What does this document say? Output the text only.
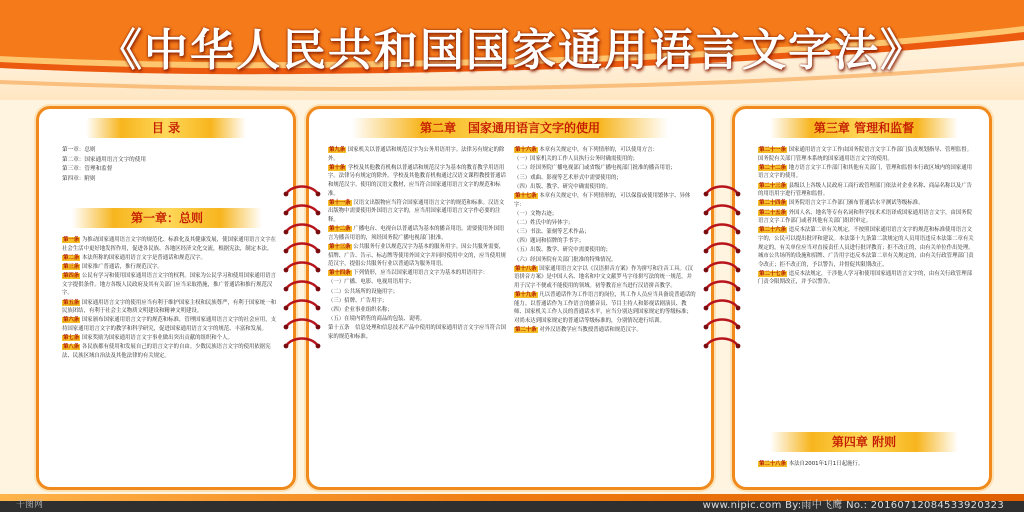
《中华人民共和国国家通用语言文字法》
目 录

第一章：总则

第二章：国家通用语言文字的使用

第三章：管理和监督

第四章：附则

第一章：总则

第一条 为推动国家通用语言文字的规范化、标准化及其健康发展，使国家通用语言文字在社会生活中更好地发挥作用，促进各民族、各地区经济文化交流，根据宪法，制定本法。

第二条 本法所称的国家通用语言文字是普通话和规范汉字。

第三条 国家推广普通话，推行规范汉字。

第四条 公民有学习和使用国家通用语言文字的权利。国家为公民学习和使用国家通用语言文字提供条件。地方各级人民政府及其有关部门应当采取措施，推广普通话和推行规范汉字。

第五条 国家通用语言文字的使用应当有利于维护国家主权和民族尊严，有利于国家统一和民族团结，有利于社会主义物质文明建设和精神文明建设。

第六条 国家颁布国家通用语言文字的规范和标准，管理国家通用语言文字的社会应用，支持国家通用语言文字的教学和科学研究，促进国家通用语言文字的规范、丰富和发展。

第七条 国家奖励为国家通用语言文字事业做出突出贡献的组织和个人。

第八条 各民族都有使用和发展自己的语言文字的自由。少数民族语言文字的使用依据宪法、民族区域自治法及其他法律的有关规定。

第二章　国家通用语言文字的使用

第九条 国家机关以普通话和规范汉字为公务用语用字。法律另有规定的除外。

第十条 学校及其他教育机构以普通话和规范汉字为基本的教育教学用语用字。法律另有规定的除外。学校及其他教育机构通过汉语文课程教授普通话和规范汉字。使用的汉语文教材，应当符合国家通用语言文字的规范和标准。

第十一条 汉语文出版物应当符合国家通用语言文字的规范和标准。汉语文出版物中需要使用外国语言文字的，应当用国家通用语言文字作必要的注释。

第十二条 广播电台、电视台以普通话为基本的播音用语。需要使用外国语言为播音用语的，须经国务院广播电视部门批准。

第十三条 公共服务行业以规范汉字为基本的服务用字。因公共服务需要，招牌、广告、告示、标志牌等使用外国文字并同时使用中文的，应当使用规范汉字。提倡公共服务行业以普通话为服务用语。

第十四条 下列情形，应当以国家通用语言文字为基本的用语用字：

（一）广播、电影、电视用语用字；

（二）公共场所的设施用字；

（三）招牌、广告用字；

（四）企业事业组织名称；

（五）在境内销售的商品的包装、说明。

第十五条　信息处理和信息技术产品中使用的国家通用语言文字应当符合国家的规范和标准。

第十六条 本章有关规定中，有下列情形的，可以使用方言：

（一）国家机关的工作人员执行公务时确需使用的；

（二）经国务院广播电视部门或省级广播电视部门批准的播音用语；

（三）戏曲、影视等艺术形式中需要使用的；

（四）出版、教学、研究中确需使用的。

第十七条 本章有关规定中，有下列情形的，可以保留或使用繁体字、异体字：

（一）文物古迹；

（二）姓氏中的异体字；

（三）书法、篆刻等艺术作品；

（四）题词和招牌的手书字；

（五）出版、教学、研究中需要使用的；

（六）经国务院有关部门批准的特殊情况。

第十八条 国家通用语言文字以《汉语拼音方案》作为拼写和注音工具。《汉语拼音方案》是中国人名、地名和中文文献罗马字母拼写法的统一规范，并用于汉字不便或不能使用的领域。初等教育应当进行汉语拼音教学。

第十九条 凡以普通话作为工作语言的岗位，其工作人员应当具备说普通话的能力。以普通话作为工作语言的播音员、节目主持人和影视话剧演员、教师、国家机关工作人员的普通话水平，应当分别达到国家规定的等级标准；对尚未达到国家规定的普通话等级标准的，分别情况进行培训。

第二十条 对外汉语教学应当教授普通话和规范汉字。

第三章 管理和监督

第二十一条 国家通用语言文字工作由国务院语言文字工作部门负责规划指导、管理监督。国务院有关部门管理本系统的国家通用语言文字的使用。

第二十二条 地方语言文字工作部门和其他有关部门，管理和监督本行政区域内的国家通用语言文字的使用。

第二十三条 县级以上各级人民政府工商行政管理部门依法对企业名称、商品名称以及广告的用语用字进行管理和监督。

第二十四条 国务院语言文字工作部门颁布普通话水平测试等级标准。

第二十五条 外国人名、地名等专有名词和科学技术术语译成国家通用语言文字，由国务院语言文字工作部门或者其他有关部门组织审定。

第二十六条 违反本法第二章有关规定，不按照国家通用语言文字的规范和标准使用语言文字的，公民可以提出批评和建议。本法第十九条第二款规定的人员用语违反本法第二章有关规定的，有关单位应当对直接责任人员进行批评教育；拒不改正的，由有关单位作出处理。城市公共场所的设施和招牌、广告用字违反本法第二章有关规定的，由有关行政管理部门责令改正；拒不改正的，予以警告，并督促其限期改正。

第二十七条 违反本法规定，干涉他人学习和使用国家通用语言文字的，由有关行政管理部门责令限期改正，并予以警告。

第四章 附则

第二十八条 本法自2001年1月1日起施行。

千图网	www.nipic.com By:雨中飞鹰 No.: 20160712084533920323
